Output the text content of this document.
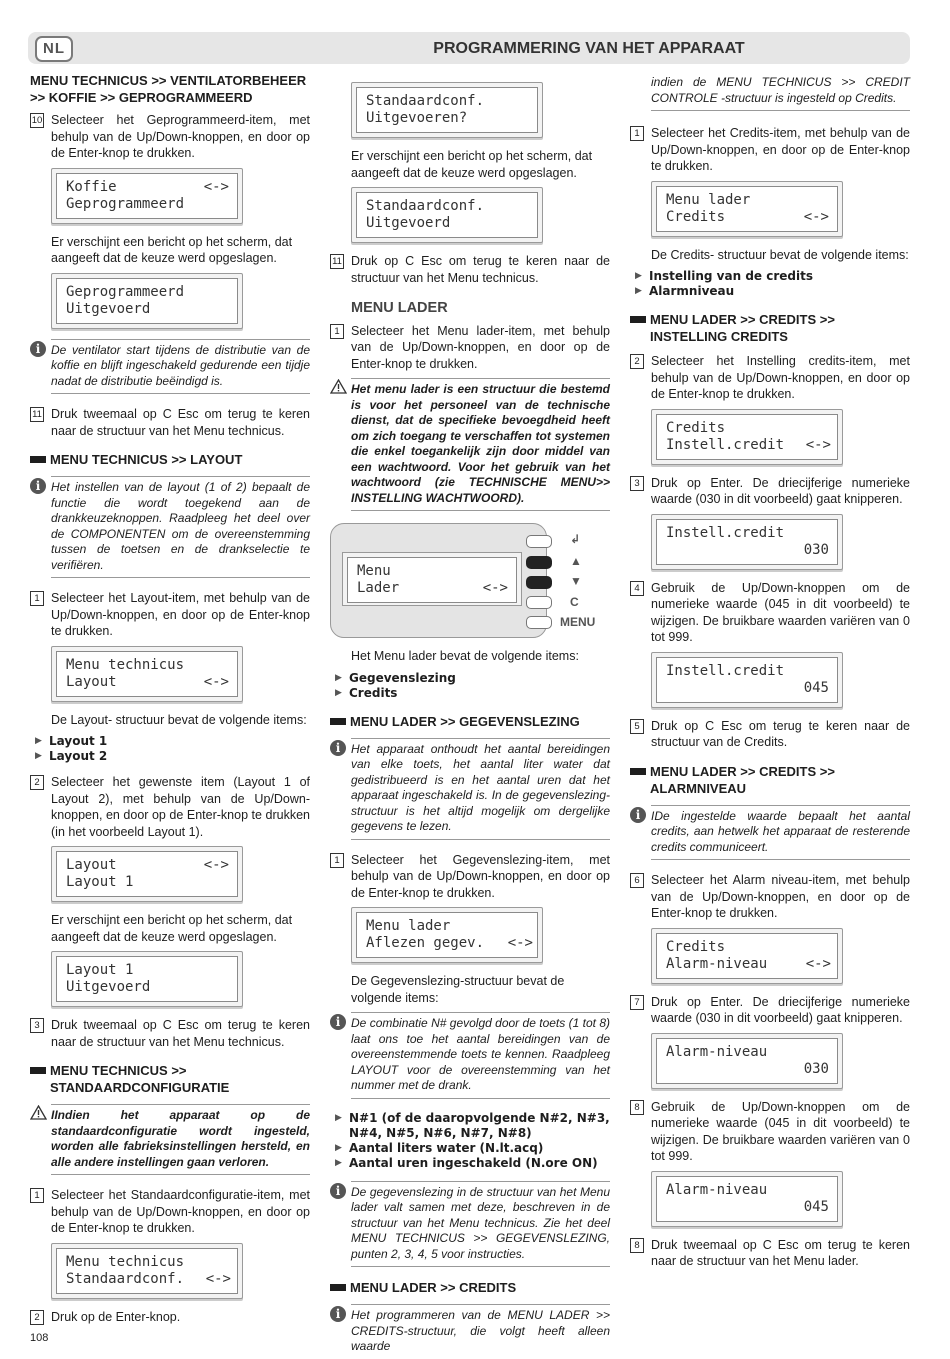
NL	PROGRAMMERING VAN HET APPARAAT

MENU TECHNICUS >> VENTILATORBEHEER
>> KOFFIE >> GEPROGRAMMEERD

10 Selecteer het Geprogrammeerd-item, met behulp van de Up/Down-knoppen, en door op de Enter-knop te drukken.
Koffie
Geprogrammeerd
<->
Er verschijnt een bericht op het scherm, dat aangeeft dat de keuze werd opgeslagen.
Geprogrammeerd
Uitgevoerd
i De ventilator start tijdens de distributie van de koffie en blijft ingeschakeld gedurende een tijdje nadat de distributie beëindigd is.
11 Druk tweemaal op C Esc om terug te keren naar de structuur van het Menu technicus.
MENU TECHNICUS >> LAYOUT
i Het instellen van de layout (1 of 2) bepaalt de functie die wordt toegekend aan de drankkeuzeknoppen. Raadpleeg het deel over de COMPONENTEN om de overeenstemming tussen de toetsen en de drankselectie te verifiëren.
1 Selecteer het Layout-item, met behulp van de Up/Down-knoppen, en door op de Enter-knop te drukken.
Menu technicus
Layout	<->
De Layout- structuur bevat de volgende items:
▶ Layout 1
▶ Layout 2
2 Selecteer het gewenste item (Layout 1 of Layout 2), met behulp van de Up/Down-knoppen, en door op de Enter-knop te drukken (in het voorbeeld Layout 1).
Layout
Layout 1
<->
Er verschijnt een bericht op het scherm, dat aangeeft dat de keuze werd opgeslagen.
Layout 1
Uitgevoerd
3 Druk tweemaal op C Esc om terug te keren naar de structuur van het Menu technicus.
MENU TECHNICUS >>
STANDAARDCONFIGURATIE
IIndien het apparaat op de standaardconfiguratie wordt ingesteld, worden alle fabrieksinstellingen hersteld, en alle andere instellingen gaan verloren.
1 Selecteer het Standaardconfiguratie-item, met behulp van de Up/Down-knoppen, en door op de Enter-knop te drukken.
Menu technicus
Standaardconf.	<->
2 Druk op de Enter-knop.
Standaardconf.
Uitgevoeren?
Er verschijnt een bericht op het scherm, dat aangeeft dat de keuze werd opgeslagen.
Standaardconf.
Uitgevoerd
11 Druk op C Esc om terug te keren naar de structuur van het Menu technicus.
MENU LADER
1 Selecteer het Menu lader-item, met behulp van de Up/Down-knoppen, en door op de Enter-knop te drukken.
Het menu lader is een structuur die bestemd is voor het personeel van de technische dienst, dat de specifieke bevoegdheid heeft om zich toegang te verschaffen tot systemen die enkel toegankelijk zijn door middel van een wachtwoord. Voor het gebruik van het wachtwoord (zie TECHNISCHE MENU>> INSTELLING WACHTWOORD).
Menu
Lader	<->
↲
▲
▼
C
MENU
Het Menu lader bevat de volgende items:
▶ Gegevenslezing
▶ Credits
MENU LADER >> GEGEVENSLEZING
i Het apparaat onthoudt het aantal bereidingen van elke toets, het aantal liter water dat gedistribueerd is en het aantal uren dat het apparaat ingeschakeld is. In de gegevenslezing- structuur is het altijd mogelijk om dergelijke gegevens te lezen.
1 Selecteer het Gegevenslezing-item, met behulp van de Up/Down-knoppen, en door op de Enter-knop te drukken.
Menu lader
Aflezen gegev.	<->
De Gegevenslezing-structuur bevat de volgende items:
i De combinatie N# gevolgd door de toets (1 tot 8) laat ons toe het aantal bereidingen van de overeenstemmende toets te kennen. Raadpleeg LAYOUT voor de overeenstemming van het nummer met de drank.
▶ N#1 (of de daaropvolgende N#2, N#3, N#4, N#5, N#6, N#7, N#8)
▶ Aantal liters water (N.lt.acq)
▶ Aantal uren ingeschakeld (N.ore ON)
i De gegevenslezing in de structuur van het Menu lader valt samen met deze, beschreven in de structuur van het Menu technicus. Zie het deel MENU TECHNICUS >> GEGEVENSLEZING, punten 2, 3, 4, 5 voor instructies.
MENU LADER >> CREDITS
i Het programmeren van de MENU LADER >> CREDITS-structuur, die volgt heeft alleen waarde
indien de MENU TECHNICUS >> CREDIT CONTROLE -structuur is ingesteld op Credits.
1 Selecteer het Credits-item, met behulp van de Up/Down-knoppen, en door op de Enter-knop te drukken.
Menu lader
Credits	<->
De Credits- structuur bevat de volgende items:
▶ Instelling van de credits
▶ Alarmniveau
MENU LADER >> CREDITS >>
INSTELLING CREDITS
2 Selecteer het Instelling credits-item, met behulp van de Up/Down-knoppen, en door op de Enter-knop te drukken.
Credits
Instell.credit	<->
3 Druk op Enter. De driecijferige numerieke waarde (030 in dit voorbeeld) gaat knipperen.
Instell.credit
030
4 Gebruik de Up/Down-knoppen om de numerieke waarde (045 in dit voorbeeld) te wijzigen. De bruikbare waarden variëren van 0 tot 999.
Instell.credit
045
5 Druk op C Esc om terug te keren naar de structuur van de Credits.
MENU LADER >> CREDITS >>
ALARMNIVEAU
i IDe ingestelde waarde bepaalt het aantal credits, aan hetwelk het apparaat de resterende credits communiceert.
6 Selecteer het Alarm niveau-item, met behulp van de Up/Down-knoppen, en door op de Enter-knop te drukken.
Credits
Alarm-niveau	<->
7 Druk op Enter. De driecijferige numerieke waarde (030 in dit voorbeeld) gaat knipperen.
Alarm-niveau
030
8 Gebruik de Up/Down-knoppen om de numerieke waarde (045 in dit voorbeeld) te wijzigen. De bruikbare waarden variëren van 0 tot 999.
Alarm-niveau
045
8 Druk tweemaal op C Esc om terug te keren naar de structuur van het Menu lader.
108
